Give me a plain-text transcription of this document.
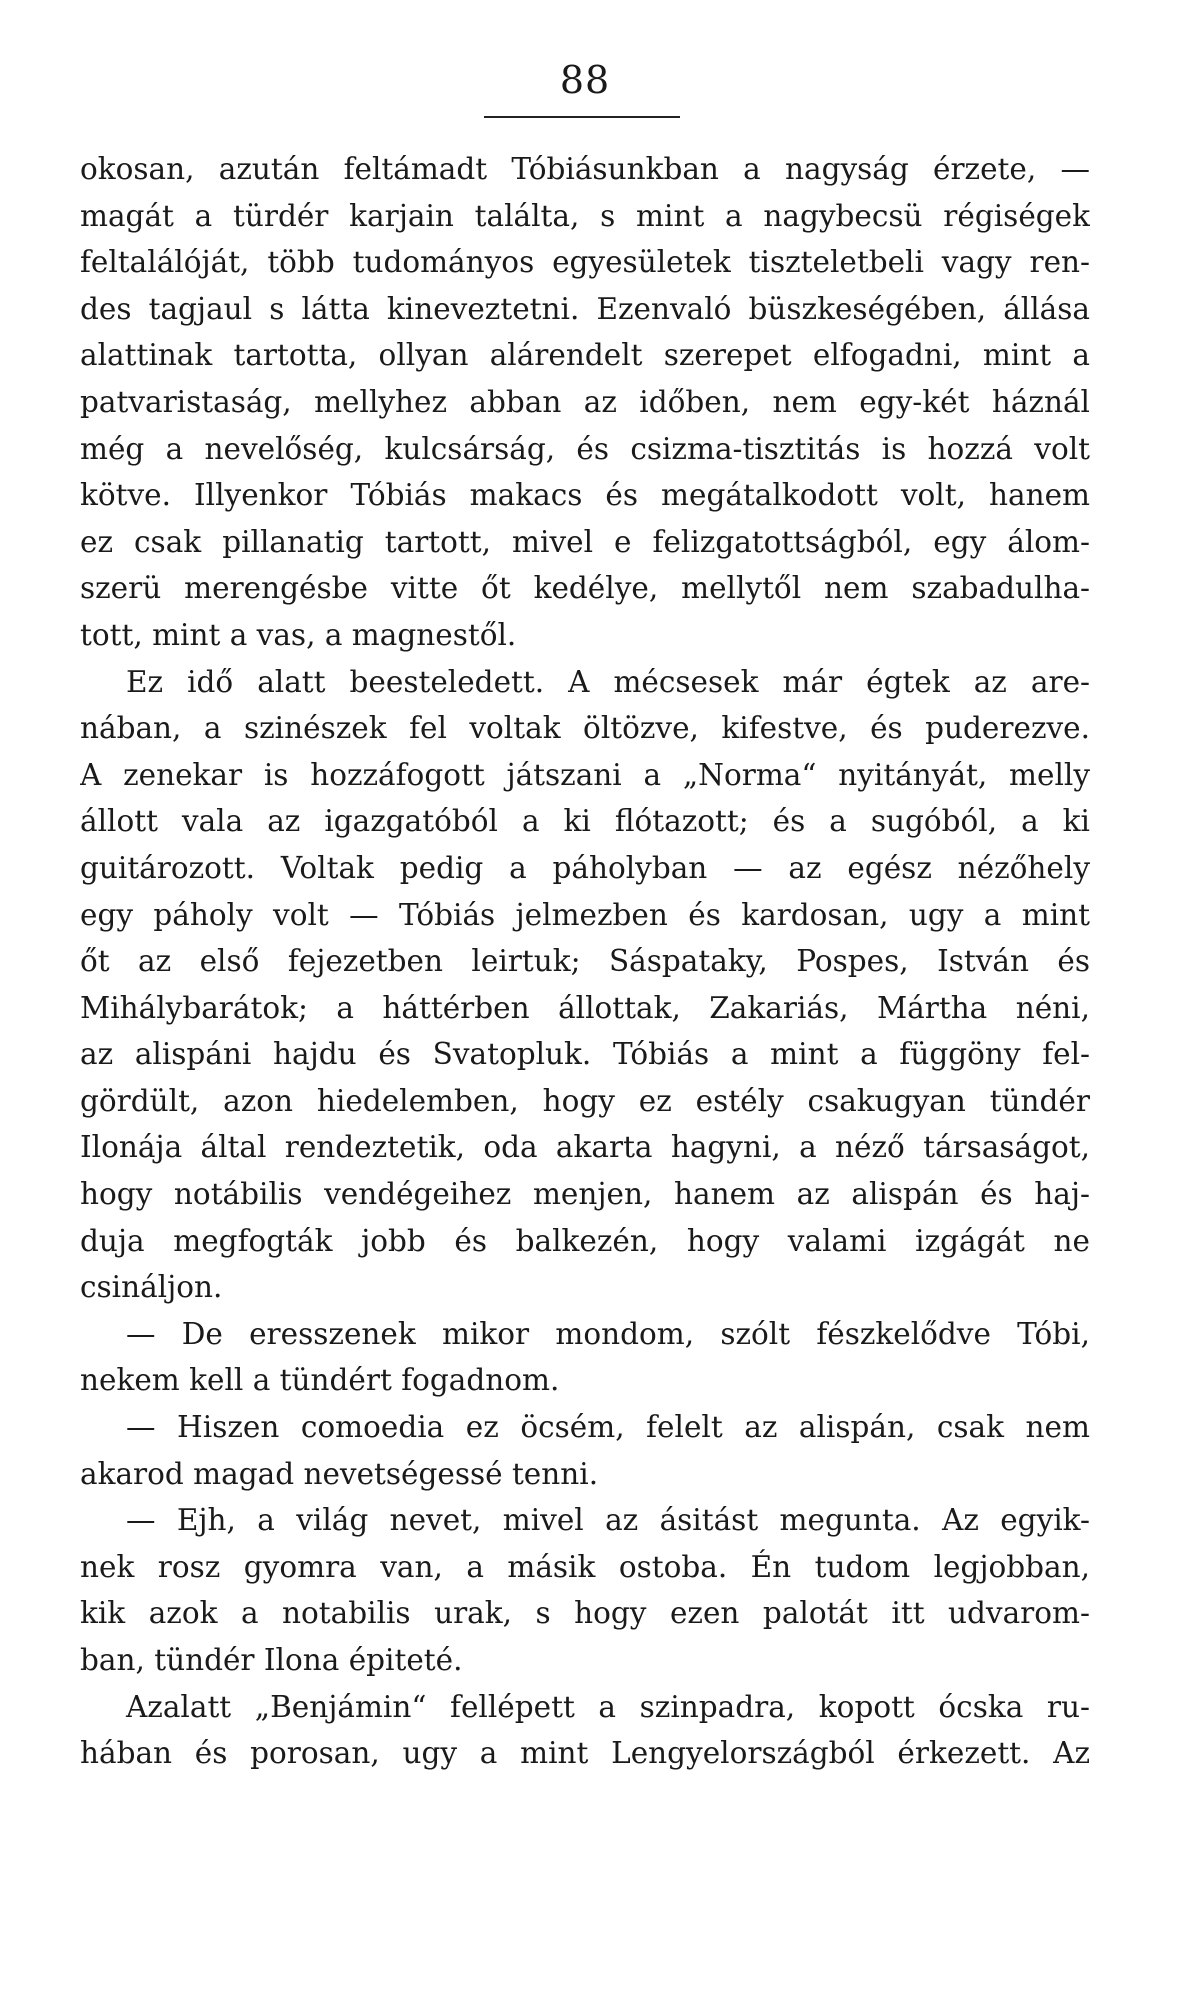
88
okosan, azután feltámadt Tóbiásunkban a nagyság érzete, —
magát a türdér karjain találta, s mint a nagybecsü régiségek
feltalálóját, több tudományos egyesületek tiszteletbeli vagy ren-
des tagjaul s látta kineveztetni. Ezenvaló büszkeségében, állása
alattinak tartotta, ollyan alárendelt szerepet elfogadni, mint a
patvaristaság, mellyhez abban az időben, nem egy-két háznál
még a nevelőség, kulcsárság, és csizma-tisztitás is hozzá volt
kötve. Illyenkor Tóbiás makacs és megátalkodott volt, hanem
ez csak pillanatig tartott, mivel e felizgatottságból, egy álom-
szerü merengésbe vitte őt kedélye, mellytől nem szabadulha-
tott, mint a vas, a magnestől.
Ez idő alatt beesteledett. A mécsesek már égtek az are-
nában, a szinészek fel voltak öltözve, kifestve, és puderezve.
A zenekar is hozzáfogott játszani a „Norma“ nyitányát, melly
állott vala az igazgatóból a ki flótazott; és a sugóból, a ki
guitározott. Voltak pedig a páholyban — az egész nézőhely
egy páholy volt — Tóbiás jelmezben és kardosan, ugy a mint
őt az első fejezetben leirtuk; Sáspataky, Pospes, István és
Mihálybarátok; a háttérben állottak, Zakariás, Mártha néni,
az alispáni hajdu és Svatopluk. Tóbiás a mint a függöny fel-
gördült, azon hiedelemben, hogy ez estély csakugyan tündér
Ilonája által rendeztetik, oda akarta hagyni, a néző társaságot,
hogy notábilis vendégeihez menjen, hanem az alispán és haj-
duja megfogták jobb és balkezén, hogy valami izgágát ne
csináljon.
— De eresszenek mikor mondom, szólt fészkelődve Tóbi,
nekem kell a tündért fogadnom.
— Hiszen comoedia ez öcsém, felelt az alispán, csak nem
akarod magad nevetségessé tenni.
— Ejh, a világ nevet, mivel az ásitást megunta. Az egyik-
nek rosz gyomra van, a másik ostoba. Én tudom legjobban,
kik azok a notabilis urak, s hogy ezen palotát itt udvarom-
ban, tündér Ilona épiteté.
Azalatt „Benjámin“ fellépett a szinpadra, kopott ócska ru-
hában és porosan, ugy a mint Lengyelországból érkezett. Az
